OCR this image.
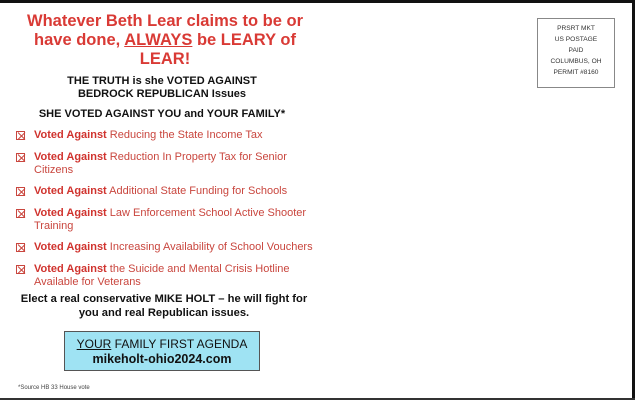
Whatever Beth Lear claims to be or have done, ALWAYS be LEARY of LEAR!

THE TRUTH is she VOTED AGAINST
BEDROCK REPUBLICAN Issues
SHE VOTED AGAINST YOU and YOUR FAMILY*
Voted Against Reducing the State Income Tax
Voted Against Reduction In Property Tax for Senior Citizens
Voted Against Additional State Funding for Schools
Voted Against Law Enforcement School Active Shooter Training
Voted Against Increasing Availability of School Vouchers
Voted Against the Suicide and Mental Crisis Hotline Available for Veterans
Elect a real conservative MIKE HOLT – he will fight for you and real Republican issues.
YOUR FAMILY FIRST AGENDA
mikeholt-ohio2024.com
*Source HB 33 House vote
PRSRT MKT
US POSTAGE
PAID
COLUMBUS, OH
PERMIT #8160
